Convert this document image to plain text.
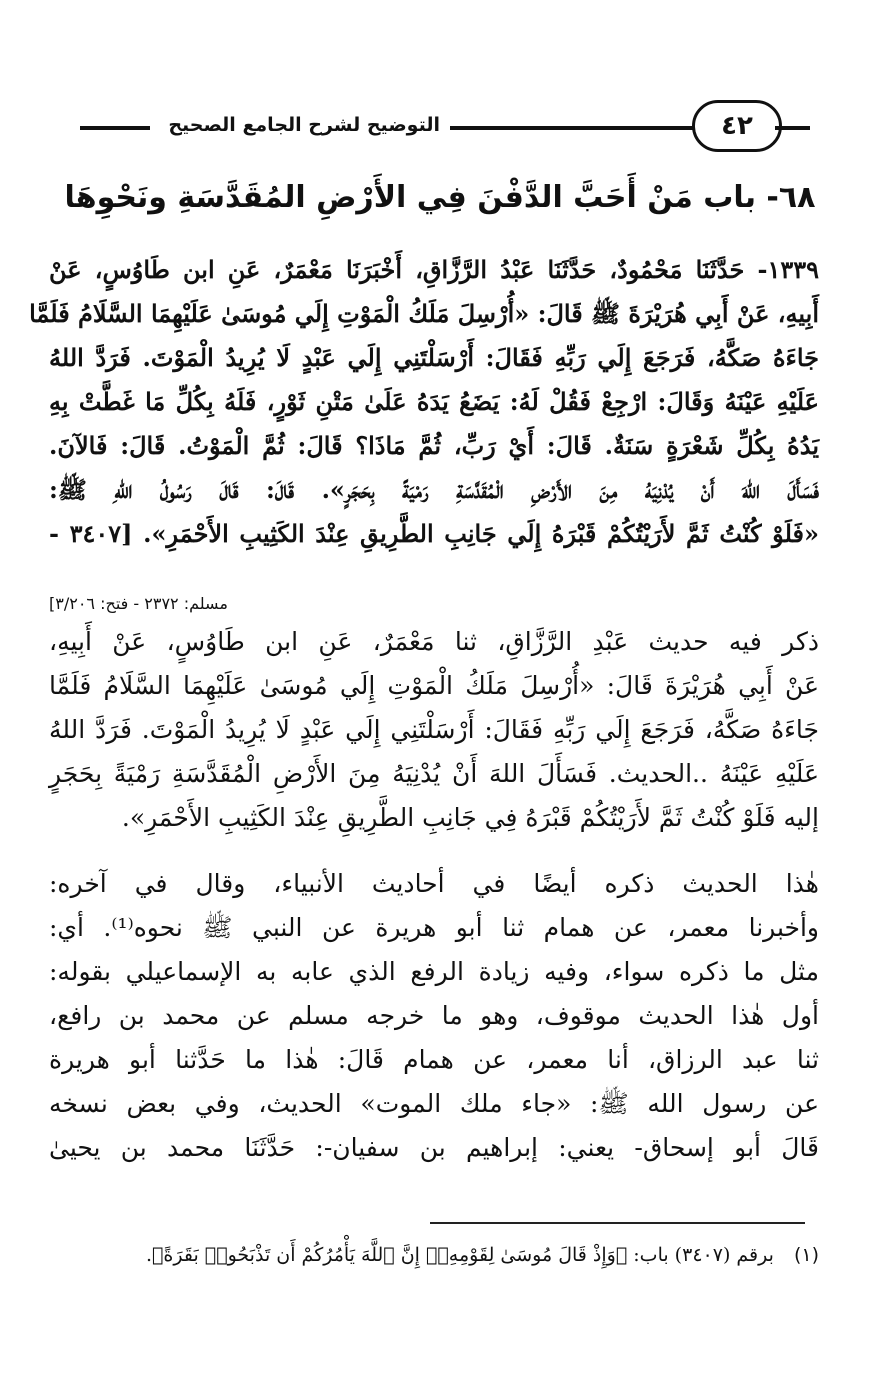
التوضيح لشرح الجامع الصحيح	٤٢
٦٨- باب مَنْ أَحَبَّ الدَّفْنَ فِي الأَرْضِ المُقَدَّسَةِ ونَحْوِهَا
١٣٣٩- حَدَّثَنَا مَحْمُودٌ، حَدَّثَنَا عَبْدُ الرَّزَّاقِ، أَخْبَرَنَا مَعْمَرٌ، عَنِ ابن طَاوُسٍ، عَنْ
أَبِيهِ، عَنْ أَبِي هُرَيْرَةَ ﷺ قَالَ: «أُرْسِلَ مَلَكُ الْمَوْتِ إِلَي مُوسَىٰ عَلَيْهِمَا السَّلَامُ فَلَمَّا
جَاءَهُ صَكَّهُ، فَرَجَعَ إِلَي رَبِّهِ فَقَالَ: أَرْسَلْتَنِي إِلَي عَبْدٍ لَا يُرِيدُ الْمَوْتَ. فَرَدَّ اللهُ
عَلَيْهِ عَيْنَهُ وَقَالَ: ارْجِعْ فَقُلْ لَهُ: يَضَعُ يَدَهُ عَلَىٰ مَتْنِ ثَوْرٍ، فَلَهُ بِكُلِّ مَا غَطَّتْ بِهِ
يَدُهُ بِكُلِّ شَعْرَةٍ سَنَةٌ. قَالَ: أَيْ رَبِّ، ثُمَّ مَاذَا؟ قَالَ: ثُمَّ الْمَوْتُ. قَالَ: فَالآنَ.
فَسَأَلَ اللهَ أَنْ يُدْنِيَهُ مِنَ الأَرْضِ الْمُقَدَّسَةِ رَمْيَةً بِحَجَرٍ». قَالَ: قَالَ رَسُولُ اللهِ ﷺ:
«فَلَوْ كُنْتُ ثَمَّ لأَرَيْتُكُمْ قَبْرَهُ إِلَي جَانِبِ الطَّرِيقِ عِنْدَ الكَثِيبِ الأَحْمَرِ». [٣٤٠٧ -
مسلم: ٢٣٧٢ - فتح: ٣/٢٠٦]
ذكر فيه حديث عَبْدِ الرَّزَّاقِ، ثنا مَعْمَرٌ، عَنِ ابن طَاوُسٍ، عَنْ أَبِيهِ،
عَنْ أَبِي هُرَيْرَةَ قَالَ: «أُرْسِلَ مَلَكُ الْمَوْتِ إِلَي مُوسَىٰ عَلَيْهِمَا السَّلَامُ فَلَمَّا
جَاءَهُ صَكَّهُ، فَرَجَعَ إِلَي رَبِّهِ فَقَالَ: أَرْسَلْتَنِي إِلَي عَبْدٍ لَا يُرِيدُ الْمَوْتَ. فَرَدَّ اللهُ
عَلَيْهِ عَيْنَهُ ..الحديث. فَسَأَلَ اللهَ أَنْ يُدْنِيَهُ مِنَ الأَرْضِ الْمُقَدَّسَةِ رَمْيَةً بِحَجَرٍ
إليه فَلَوْ كُنْتُ ثَمَّ لأَرَيْتُكُمْ قَبْرَهُ فِي جَانِبِ الطَّرِيقِ عِنْدَ الكَثِيبِ الأَحْمَرِ».
هٰذا الحديث ذكره أيضًا في أحاديث الأنبياء، وقال في آخره:
وأخبرنا معمر، عن همام ثنا أبو هريرة عن النبي ﷺ نحوه⁽¹⁾. أي:
مثل ما ذكره سواء، وفيه زيادة الرفع الذي عابه به الإسماعيلي بقوله:
أول هٰذا الحديث موقوف، وهو ما خرجه مسلم عن محمد بن رافع،
ثنا عبد الرزاق، أنا معمر، عن همام قَالَ: هٰذا ما حَدَّثنا أبو هريرة
عن رسول الله ﷺ: «جاء ملك الموت» الحديث، وفي بعض نسخه
قَالَ أبو إسحاق- يعني: إبراهيم بن سفيان-: حَدَّثَنَا محمد بن يحيىٰ
(١) برقم (٣٤٠٧) باب: ﴿وَإِذْ قَالَ مُوسَىٰ لِقَوْمِهِۦٓ إِنَّ ٱللَّهَ يَأْمُرُكُمْ أَن تَذْبَحُوا۟ بَقَرَةً﴾.
